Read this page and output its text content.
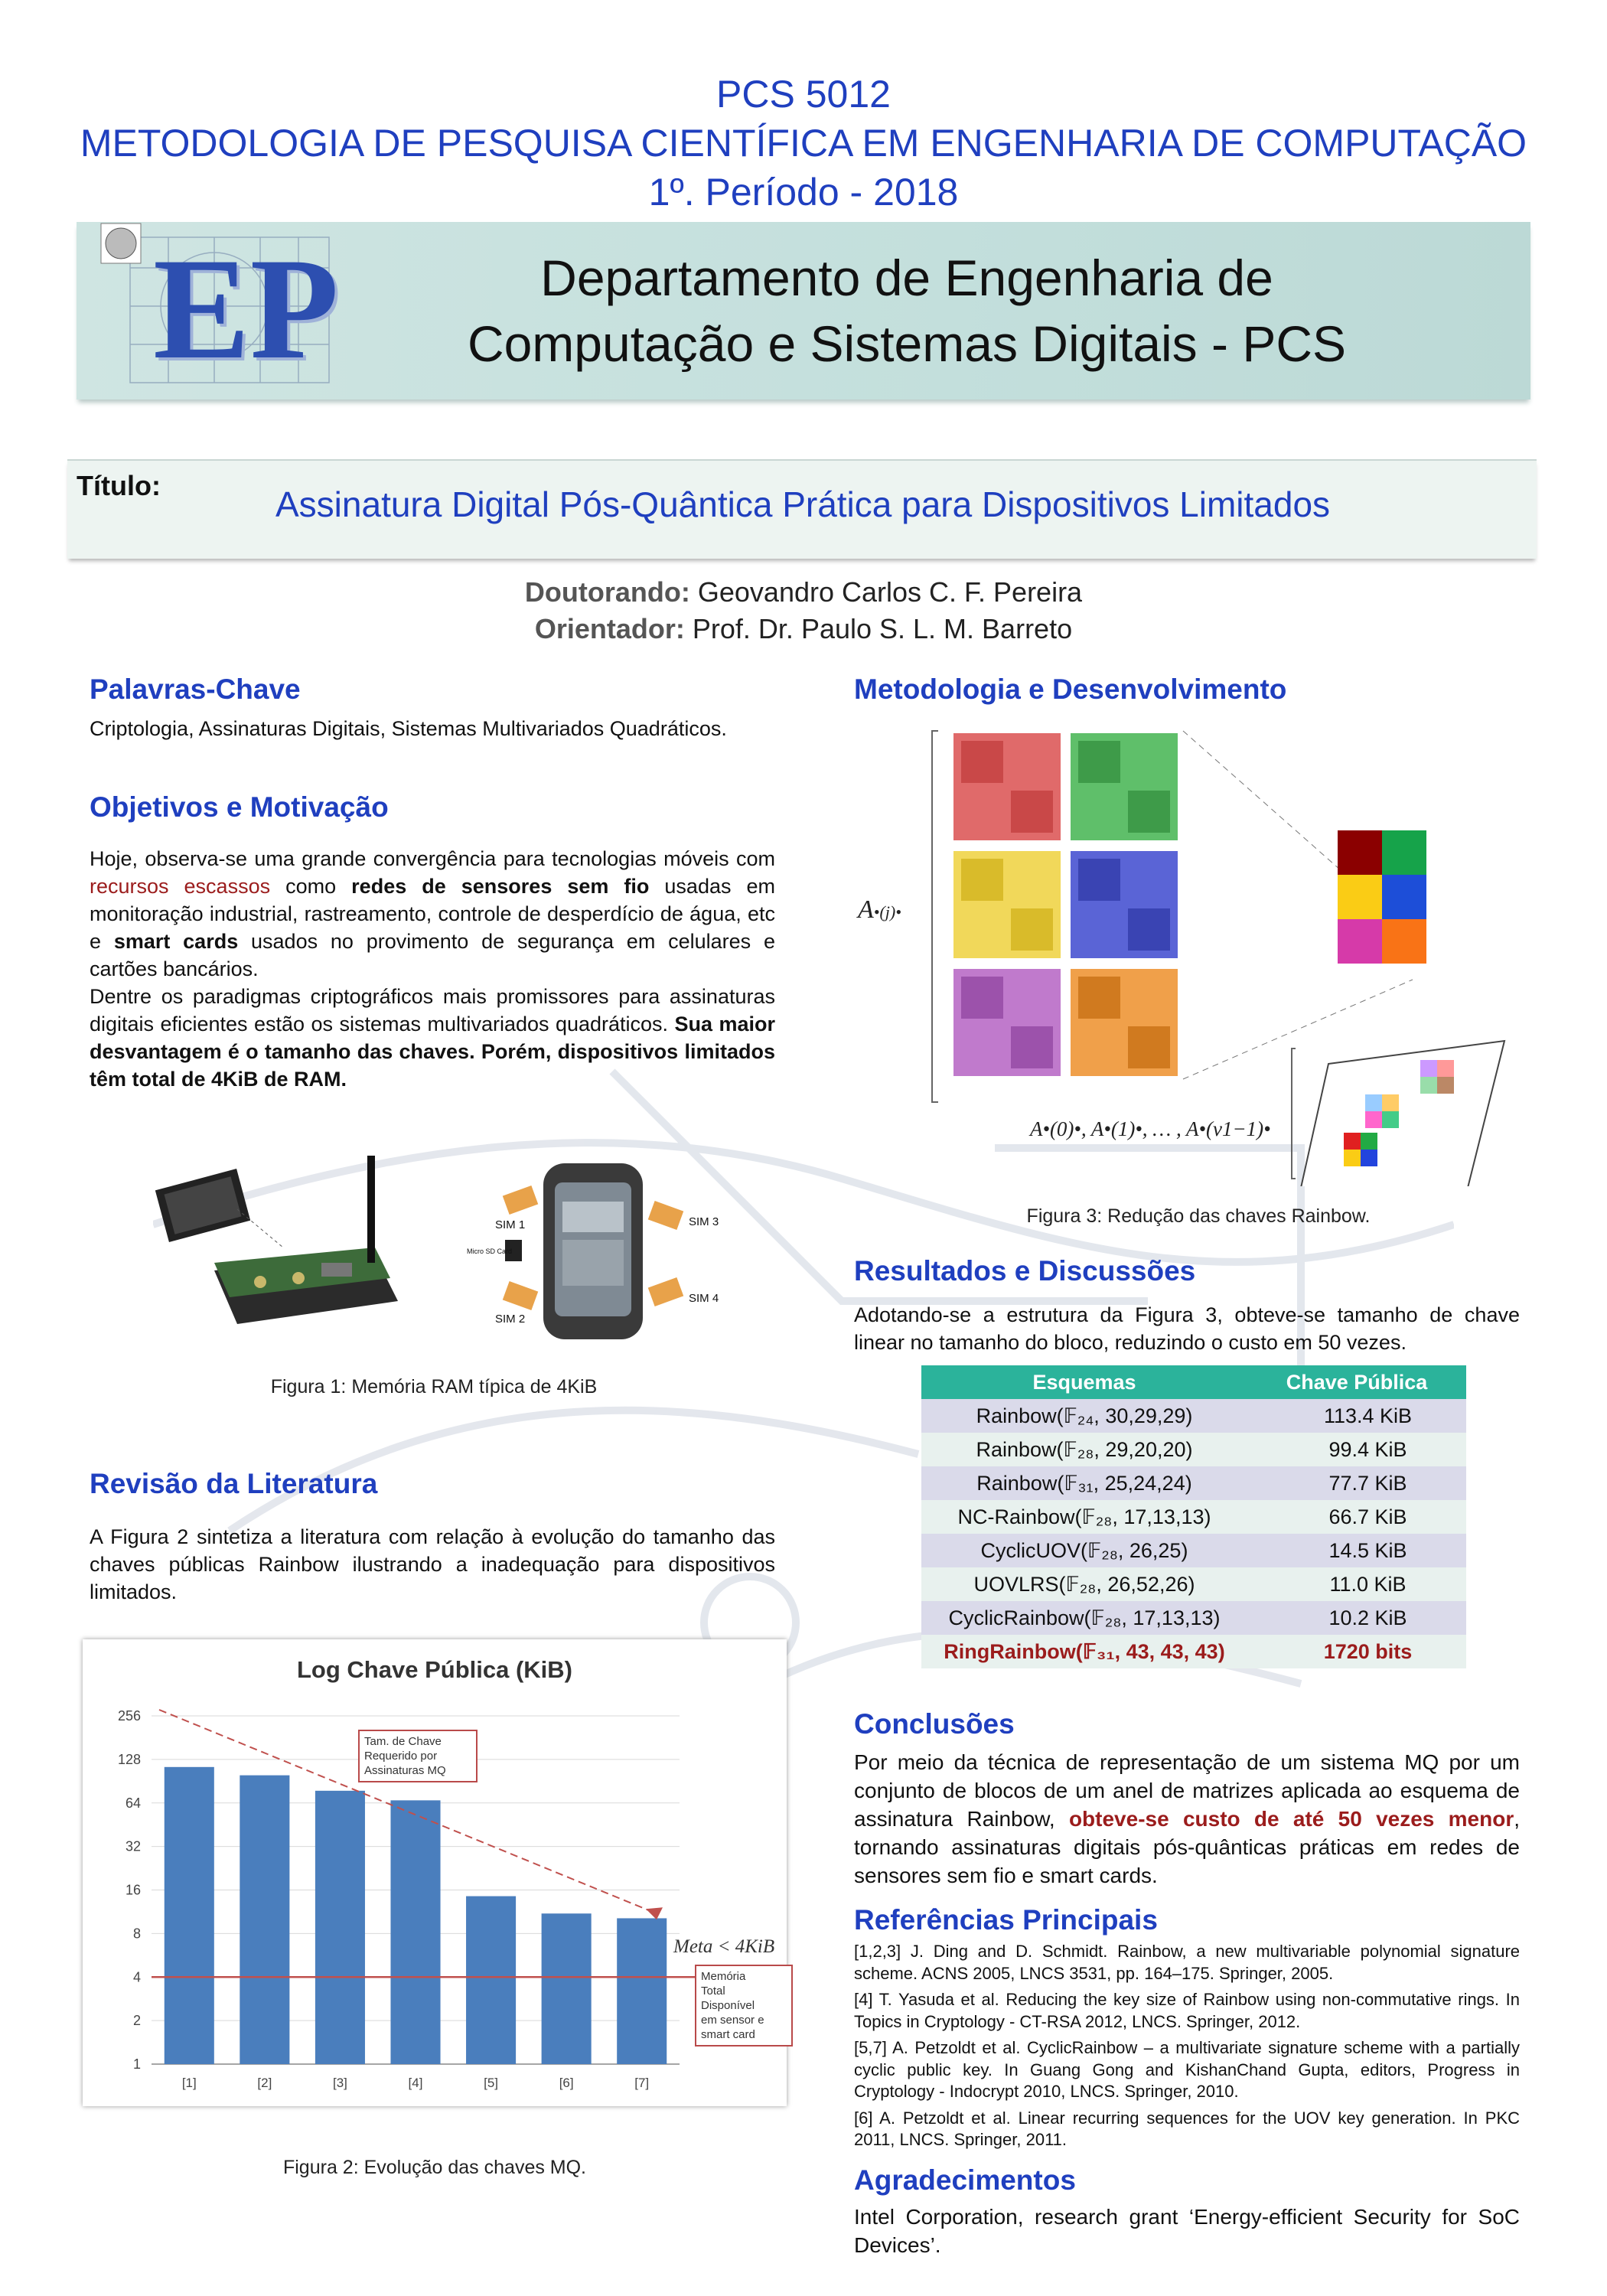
PCS 5012
METODOLOGIA DE PESQUISA CIENTÍFICA EM ENGENHARIA DE COMPUTAÇÃO
1º. Período - 2018
EP	Departamento de Engenharia de
Computação e Sistemas Digitais - PCS
Título:	Assinatura Digital Pós-Quântica Prática para Dispositivos Limitados
Doutorando: Geovandro Carlos C. F. Pereira
Orientador: Prof. Dr. Paulo S. L. M. Barreto
Palavras-Chave
Criptologia, Assinaturas Digitais, Sistemas Multivariados Quadráticos.
Objetivos e Motivação
Hoje, observa-se uma grande convergência para tecnologias móveis com recursos escassos como redes de sensores sem fio usadas em monitoração industrial, rastreamento, controle de desperdício de água, etc e smart cards usados no provimento de segurança em celulares e cartões bancários.
Dentre os paradigmas criptográficos mais promissores para assinaturas digitais eficientes estão os sistemas multivariados quadráticos. Sua maior desvantagem é o tamanho das chaves. Porém, dispositivos limitados têm total de 4KiB de RAM.
SIM 1
SIM 2
SIM 3
SIM 4
Micro SD Card
Figura 1: Memória RAM típica de 4KiB
Revisão da Literatura
A Figura 2 sintetiza a literatura com relação à evolução do tamanho das chaves públicas Rainbow ilustrando a inadequação para dispositivos limitados.
Log Chave Pública (KiB)
1
2
4
8
16
32
64
128
256
[1]	[2]	[3]	[4]	[5]	[6]	[7]
Tam. de Chave
Requerido por
Assinaturas MQ
Meta < 4KiB
Memória
Total
Disponível
em sensor e
smart card
Figura 2: Evolução das chaves MQ.
Metodologia e Desenvolvimento
A•(j)•
A•(0)•, A•(1)•, … , A•(v1−1)•
Figura 3: Redução das chaves Rainbow.
Resultados e Discussões
Adotando-se a estrutura da Figura 3, obteve-se tamanho de chave linear no tamanho do bloco, reduzindo o custo em 50 vezes.
Esquemas	Chave Pública
Rainbow(𝔽₂₄, 30,29,29)	113.4 KiB
Rainbow(𝔽₂₈, 29,20,20)	99.4 KiB
Rainbow(𝔽₃₁, 25,24,24)	77.7 KiB
NC-Rainbow(𝔽₂₈, 17,13,13)	66.7 KiB
CyclicUOV(𝔽₂₈, 26,25)	14.5 KiB
UOVLRS(𝔽₂₈, 26,52,26)	11.0 KiB
CyclicRainbow(𝔽₂₈, 17,13,13)	10.2 KiB
RingRainbow(𝔽₃₁, 43, 43, 43)	1720 bits
Conclusões
Por meio da técnica de representação de um sistema MQ por um conjunto de blocos de um anel de matrizes aplicada ao esquema de assinatura Rainbow, obteve-se custo de até 50 vezes menor, tornando assinaturas digitais pós-quânticas práticas em redes de sensores sem fio e smart cards.
Referências Principais

[1,2,3] J. Ding and D. Schmidt. Rainbow, a new multivariable polynomial signature scheme. ACNS 2005, LNCS 3531, pp. 164–175. Springer, 2005.

[4] T. Yasuda et al. Reducing the key size of Rainbow using non-commutative rings. In Topics in Cryptology - CT-RSA 2012, LNCS. Springer, 2012.

[5,7] A. Petzoldt et al. CyclicRainbow – a multivariate signature scheme with a partially cyclic public key. In Guang Gong and KishanChand Gupta, editors, Progress in Cryptology - Indocrypt 2010, LNCS. Springer, 2010.

[6] A. Petzoldt et al. Linear recurring sequences for the UOV key generation. In PKC 2011, LNCS. Springer, 2011.

Agradecimentos
Intel Corporation, research grant ‘Energy-efficient Security for SoC Devices’.
